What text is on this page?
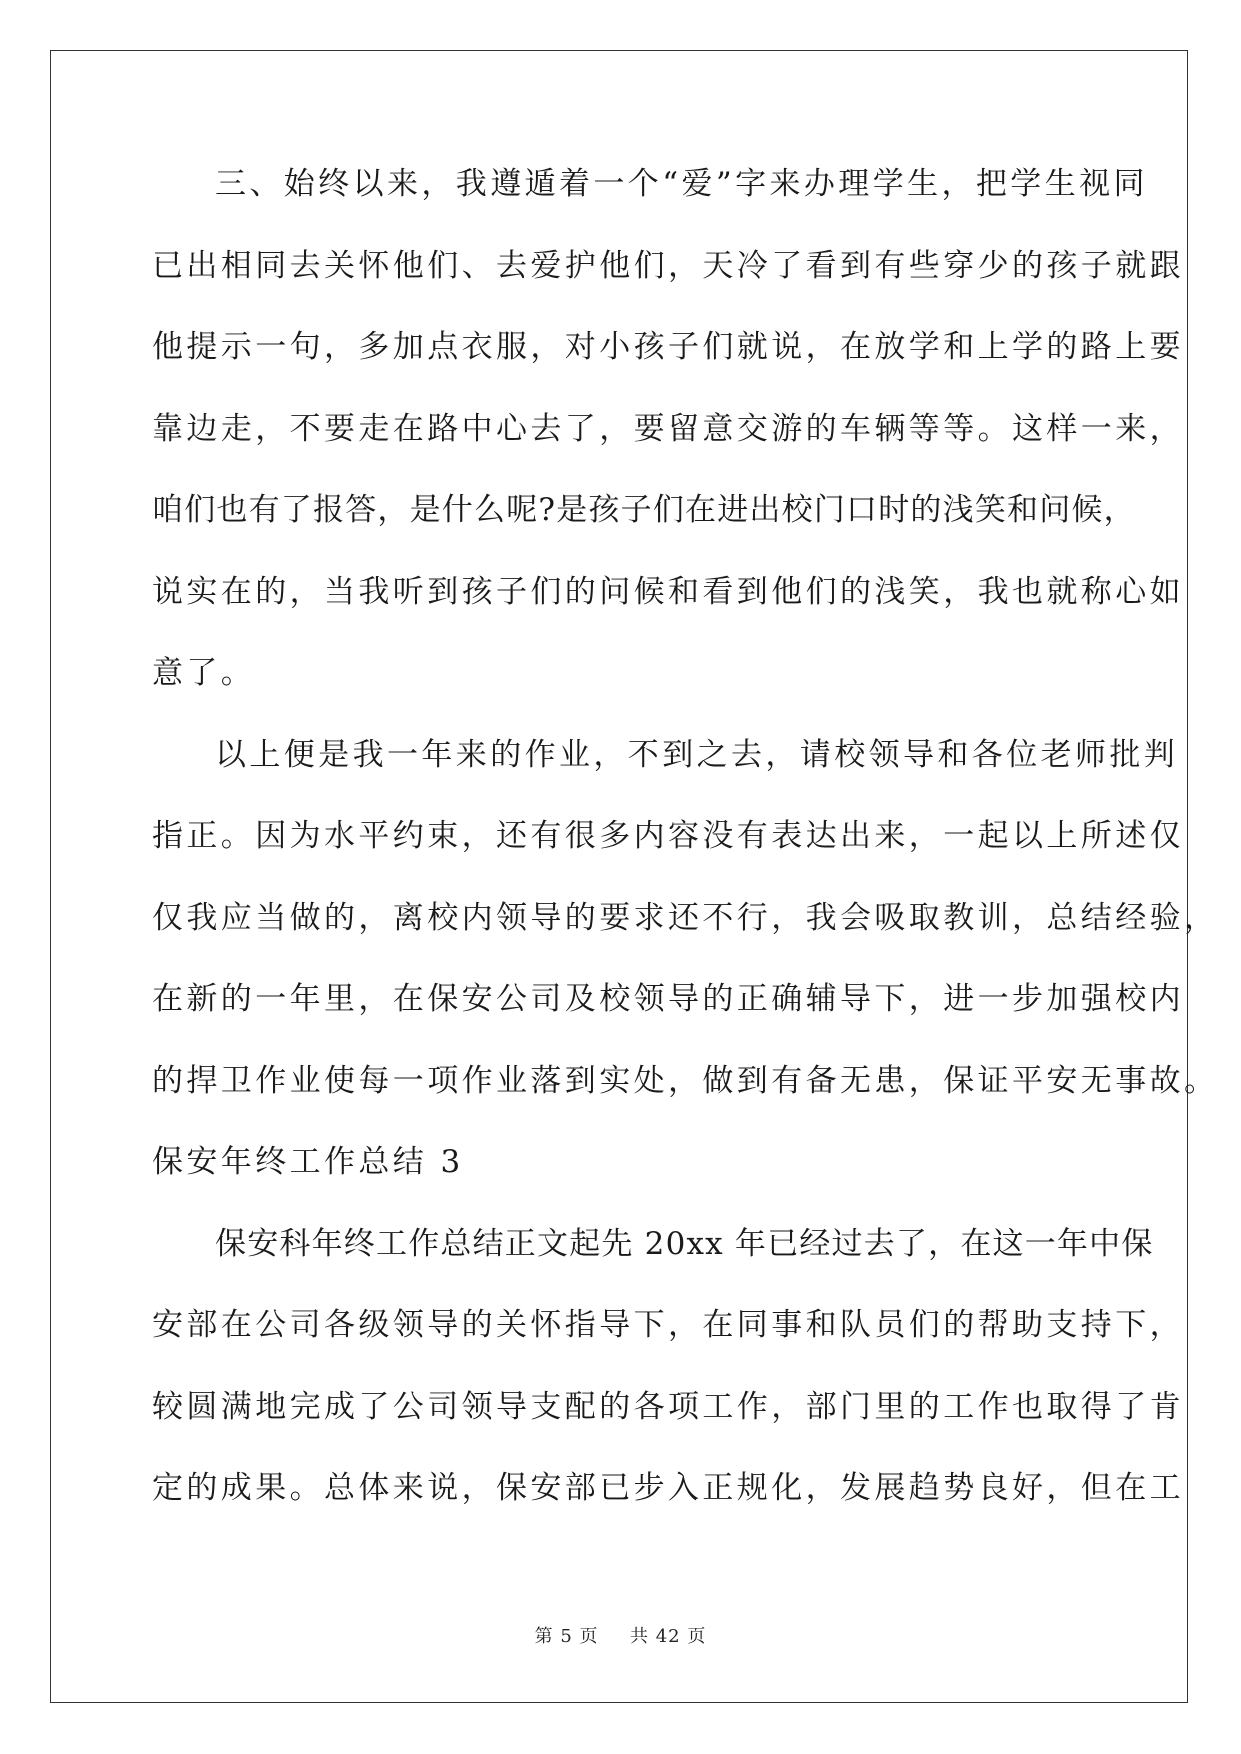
三、始终以来，我遵遁着一个“爱”字来办理学生，把学生视同
已出相同去关怀他们、去爱护他们，天冷了看到有些穿少的孩子就跟
他提示一句，多加点衣服，对小孩子们就说，在放学和上学的路上要
靠边走，不要走在路中心去了，要留意交游的车辆等等。这样一来，
咱们也有了报答，是什么呢?是孩子们在进出校门口时的浅笑和问候，
说实在的，当我听到孩子们的问候和看到他们的浅笑，我也就称心如
意了。
以上便是我一年来的作业，不到之去，请校领导和各位老师批判
指正。因为水平约束，还有很多内容没有表达出来，一起以上所述仅
仅我应当做的，离校内领导的要求还不行，我会吸取教训，总结经验，
在新的一年里，在保安公司及校领导的正确辅导下，进一步加强校内
的捍卫作业使每一项作业落到实处，做到有备无患，保证平安无事故。
保安年终工作总结 3
保安科年终工作总结正文起先 20xx 年已经过去了，在这一年中保
安部在公司各级领导的关怀指导下，在同事和队员们的帮助支持下，
较圆满地完成了公司领导支配的各项工作，部门里的工作也取得了肯
定的成果。总体来说，保安部已步入正规化，发展趋势良好，但在工
第 5 页 共 42 页
